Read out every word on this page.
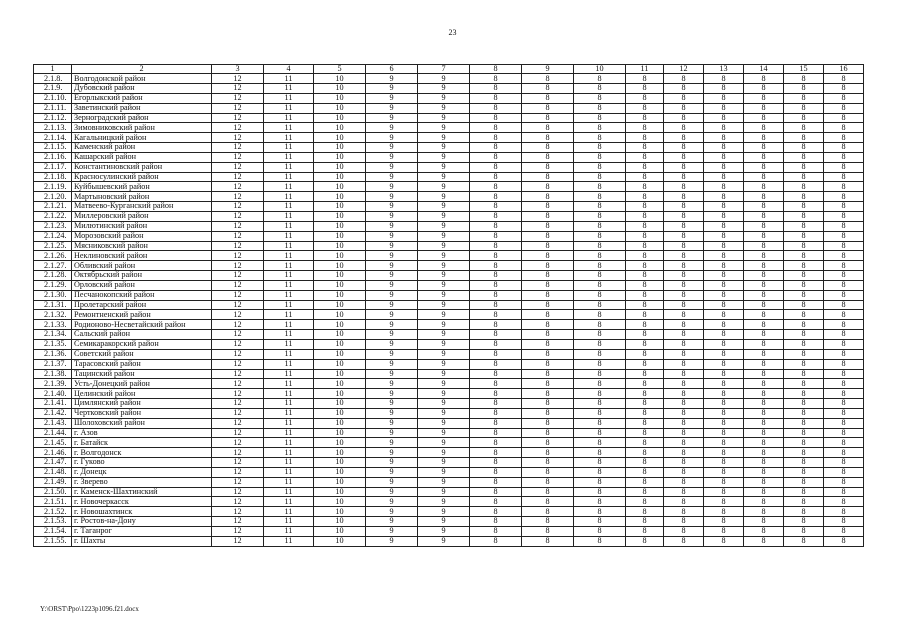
23
1	2	3	4	5	6	7	8	9	10	11	12	13	14	15	16
2.1.8.	Волгодонской район	12	11	10	9	9	8	8	8	8	8	8	8	8	8
2.1.9.	Дубовский район	12	11	10	9	9	8	8	8	8	8	8	8	8	8
2.1.10.	Егорлыкский район	12	11	10	9	9	8	8	8	8	8	8	8	8	8
2.1.11.	Заветинский район	12	11	10	9	9	8	8	8	8	8	8	8	8	8
2.1.12.	Зерноградский район	12	11	10	9	9	8	8	8	8	8	8	8	8	8
2.1.13.	Зимовниковский район	12	11	10	9	9	8	8	8	8	8	8	8	8	8
2.1.14.	Кагальницкий район	12	11	10	9	9	8	8	8	8	8	8	8	8	8
2.1.15.	Каменский район	12	11	10	9	9	8	8	8	8	8	8	8	8	8
2.1.16.	Кашарский район	12	11	10	9	9	8	8	8	8	8	8	8	8	8
2.1.17.	Константиновский район	12	11	10	9	9	8	8	8	8	8	8	8	8	8
2.1.18.	Красносулинский район	12	11	10	9	9	8	8	8	8	8	8	8	8	8
2.1.19.	Куйбышевский район	12	11	10	9	9	8	8	8	8	8	8	8	8	8
2.1.20.	Мартыновский район	12	11	10	9	9	8	8	8	8	8	8	8	8	8
2.1.21.	Матвеево-Курганский район	12	11	10	9	9	8	8	8	8	8	8	8	8	8
2.1.22.	Миллеровский район	12	11	10	9	9	8	8	8	8	8	8	8	8	8
2.1.23.	Милютинский район	12	11	10	9	9	8	8	8	8	8	8	8	8	8
2.1.24.	Морозовский район	12	11	10	9	9	8	8	8	8	8	8	8	8	8
2.1.25.	Мясниковский район	12	11	10	9	9	8	8	8	8	8	8	8	8	8
2.1.26.	Неклиновский район	12	11	10	9	9	8	8	8	8	8	8	8	8	8
2.1.27.	Обливский район	12	11	10	9	9	8	8	8	8	8	8	8	8	8
2.1.28.	Октябрьский район	12	11	10	9	9	8	8	8	8	8	8	8	8	8
2.1.29.	Орловский район	12	11	10	9	9	8	8	8	8	8	8	8	8	8
2.1.30.	Песчанокопский район	12	11	10	9	9	8	8	8	8	8	8	8	8	8
2.1.31.	Пролетарский район	12	11	10	9	9	8	8	8	8	8	8	8	8	8
2.1.32.	Ремонтненский район	12	11	10	9	9	8	8	8	8	8	8	8	8	8
2.1.33.	Родионово-Несветайский район	12	11	10	9	9	8	8	8	8	8	8	8	8	8
2.1.34.	Сальский район	12	11	10	9	9	8	8	8	8	8	8	8	8	8
2.1.35.	Семикаракорский район	12	11	10	9	9	8	8	8	8	8	8	8	8	8
2.1.36.	Советский район	12	11	10	9	9	8	8	8	8	8	8	8	8	8
2.1.37.	Тарасовский район	12	11	10	9	9	8	8	8	8	8	8	8	8	8
2.1.38.	Тацинский район	12	11	10	9	9	8	8	8	8	8	8	8	8	8
2.1.39.	Усть-Донецкий район	12	11	10	9	9	8	8	8	8	8	8	8	8	8
2.1.40.	Целинский район	12	11	10	9	9	8	8	8	8	8	8	8	8	8
2.1.41.	Цимлянский район	12	11	10	9	9	8	8	8	8	8	8	8	8	8
2.1.42.	Чертковский район	12	11	10	9	9	8	8	8	8	8	8	8	8	8
2.1.43.	Шолоховский район	12	11	10	9	9	8	8	8	8	8	8	8	8	8
2.1.44.	г. Азов	12	11	10	9	9	8	8	8	8	8	8	8	8	8
2.1.45.	г. Батайск	12	11	10	9	9	8	8	8	8	8	8	8	8	8
2.1.46.	г. Волгодонск	12	11	10	9	9	8	8	8	8	8	8	8	8	8
2.1.47.	г. Гуково	12	11	10	9	9	8	8	8	8	8	8	8	8	8
2.1.48.	г. Донецк	12	11	10	9	9	8	8	8	8	8	8	8	8	8
2.1.49.	г. Зверево	12	11	10	9	9	8	8	8	8	8	8	8	8	8
2.1.50.	г. Каменск-Шахтинский	12	11	10	9	9	8	8	8	8	8	8	8	8	8
2.1.51.	г. Новочеркасск	12	11	10	9	9	8	8	8	8	8	8	8	8	8
2.1.52.	г. Новошахтинск	12	11	10	9	9	8	8	8	8	8	8	8	8	8
2.1.53.	г. Ростов-на-Дону	12	11	10	9	9	8	8	8	8	8	8	8	8	8
2.1.54.	г. Таганрог	12	11	10	9	9	8	8	8	8	8	8	8	8	8
2.1.55.	г. Шахты	12	11	10	9	9	8	8	8	8	8	8	8	8	8
Y:\ORST\Ppo\1223p1096.f21.docx
